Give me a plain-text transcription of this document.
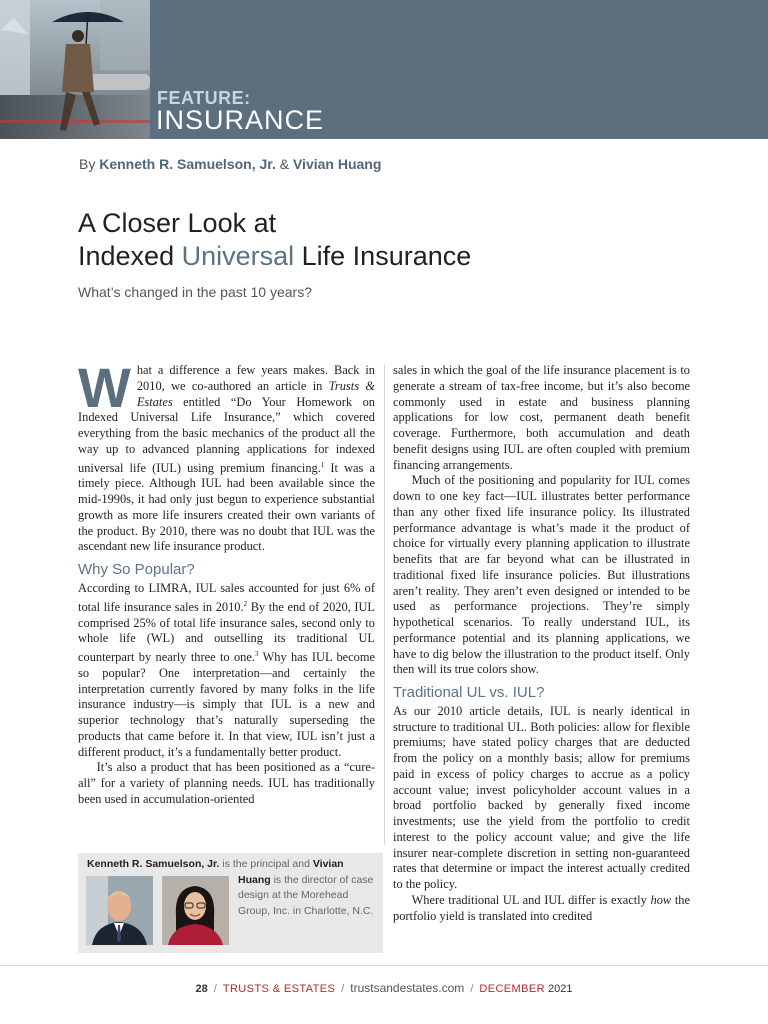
FEATURE:
INSURANCE
By Kenneth R. Samuelson, Jr. & Vivian Huang
A Closer Look at
Indexed Universal Life Insurance
What’s changed in the past 10 years?

What a difference a few years makes. Back in 2010, we co-authored an article in Trusts & Estates entitled “Do Your Homework on Indexed Universal Life Insurance,” which covered everything from the basic mechanics of the product all the way up to advanced planning applications for indexed universal life (IUL) using premium financing.$^1$ It was a timely piece. Although IUL had been available since the mid-1990s, it had only just begun to experience substantial growth as more life insurers created their own variants of the product. By 2010, there was no doubt that IUL was the ascendant new life insurance product.

Why So Popular?

According to LIMRA, IUL sales accounted for just 6% of total life insurance sales in 2010.$^2$ By the end of 2020, IUL comprised 25% of total life insurance sales, second only to whole life (WL) and outselling its traditional UL counterpart by nearly three to one.$^3$ Why has IUL become so popular? One interpretation—and certainly the interpretation currently favored by many folks in the life insurance industry—is simply that IUL is a new and superior technology that’s naturally superseding the products that came before it. In that view, IUL isn’t just a different product, it’s a fundamentally better product.

It’s also a product that has been positioned as a “cure-all” for a variety of planning needs. IUL has traditionally been used in accumulation-oriented

sales in which the goal of the life insurance placement is to generate a stream of tax-free income, but it’s also become commonly used in estate and business planning applications for low cost, permanent death benefit coverage. Furthermore, both accumulation and death benefit designs using IUL are often coupled with premium financing arrangements.

Much of the positioning and popularity for IUL comes down to one key fact—IUL illustrates better performance than any other fixed life insurance policy. Its illustrated performance advantage is what’s made it the product of choice for virtually every planning application to illustrate benefits that are far beyond what can be illustrated in traditional fixed life insurance policies. But illustrations aren’t reality. They aren’t even designed or intended to be used as performance projections. They’re simply hypothetical scenarios. To really understand IUL, its performance potential and its planning applications, we have to dig below the illustration to the product itself. Only then will its true colors show.

Traditional UL vs. IUL?

As our 2010 article details, IUL is nearly identical in structure to traditional UL. Both policies: allow for flexible premiums; have stated policy charges that are deducted from the policy on a monthly basis; allow for premiums paid in excess of policy charges to accrue as a policy account value; invest policyholder account values in a broad portfolio backed by generally fixed income investments; use the yield from the portfolio to credit interest to the policy account value; and give the life insurer near-complete discretion in setting non-guaranteed rates that determine or impact the interest actually credited to the policy.

Where traditional UL and IUL differ is exactly how the portfolio yield is translated into credited

Kenneth R. Samuelson, Jr. is the principal and Vivian
Huang is the director of case design at the Morehead Group, Inc. in Charlotte, N.C.
28 / TRUSTS & ESTATES / trustsandestates.com / DECEMBER 2021
